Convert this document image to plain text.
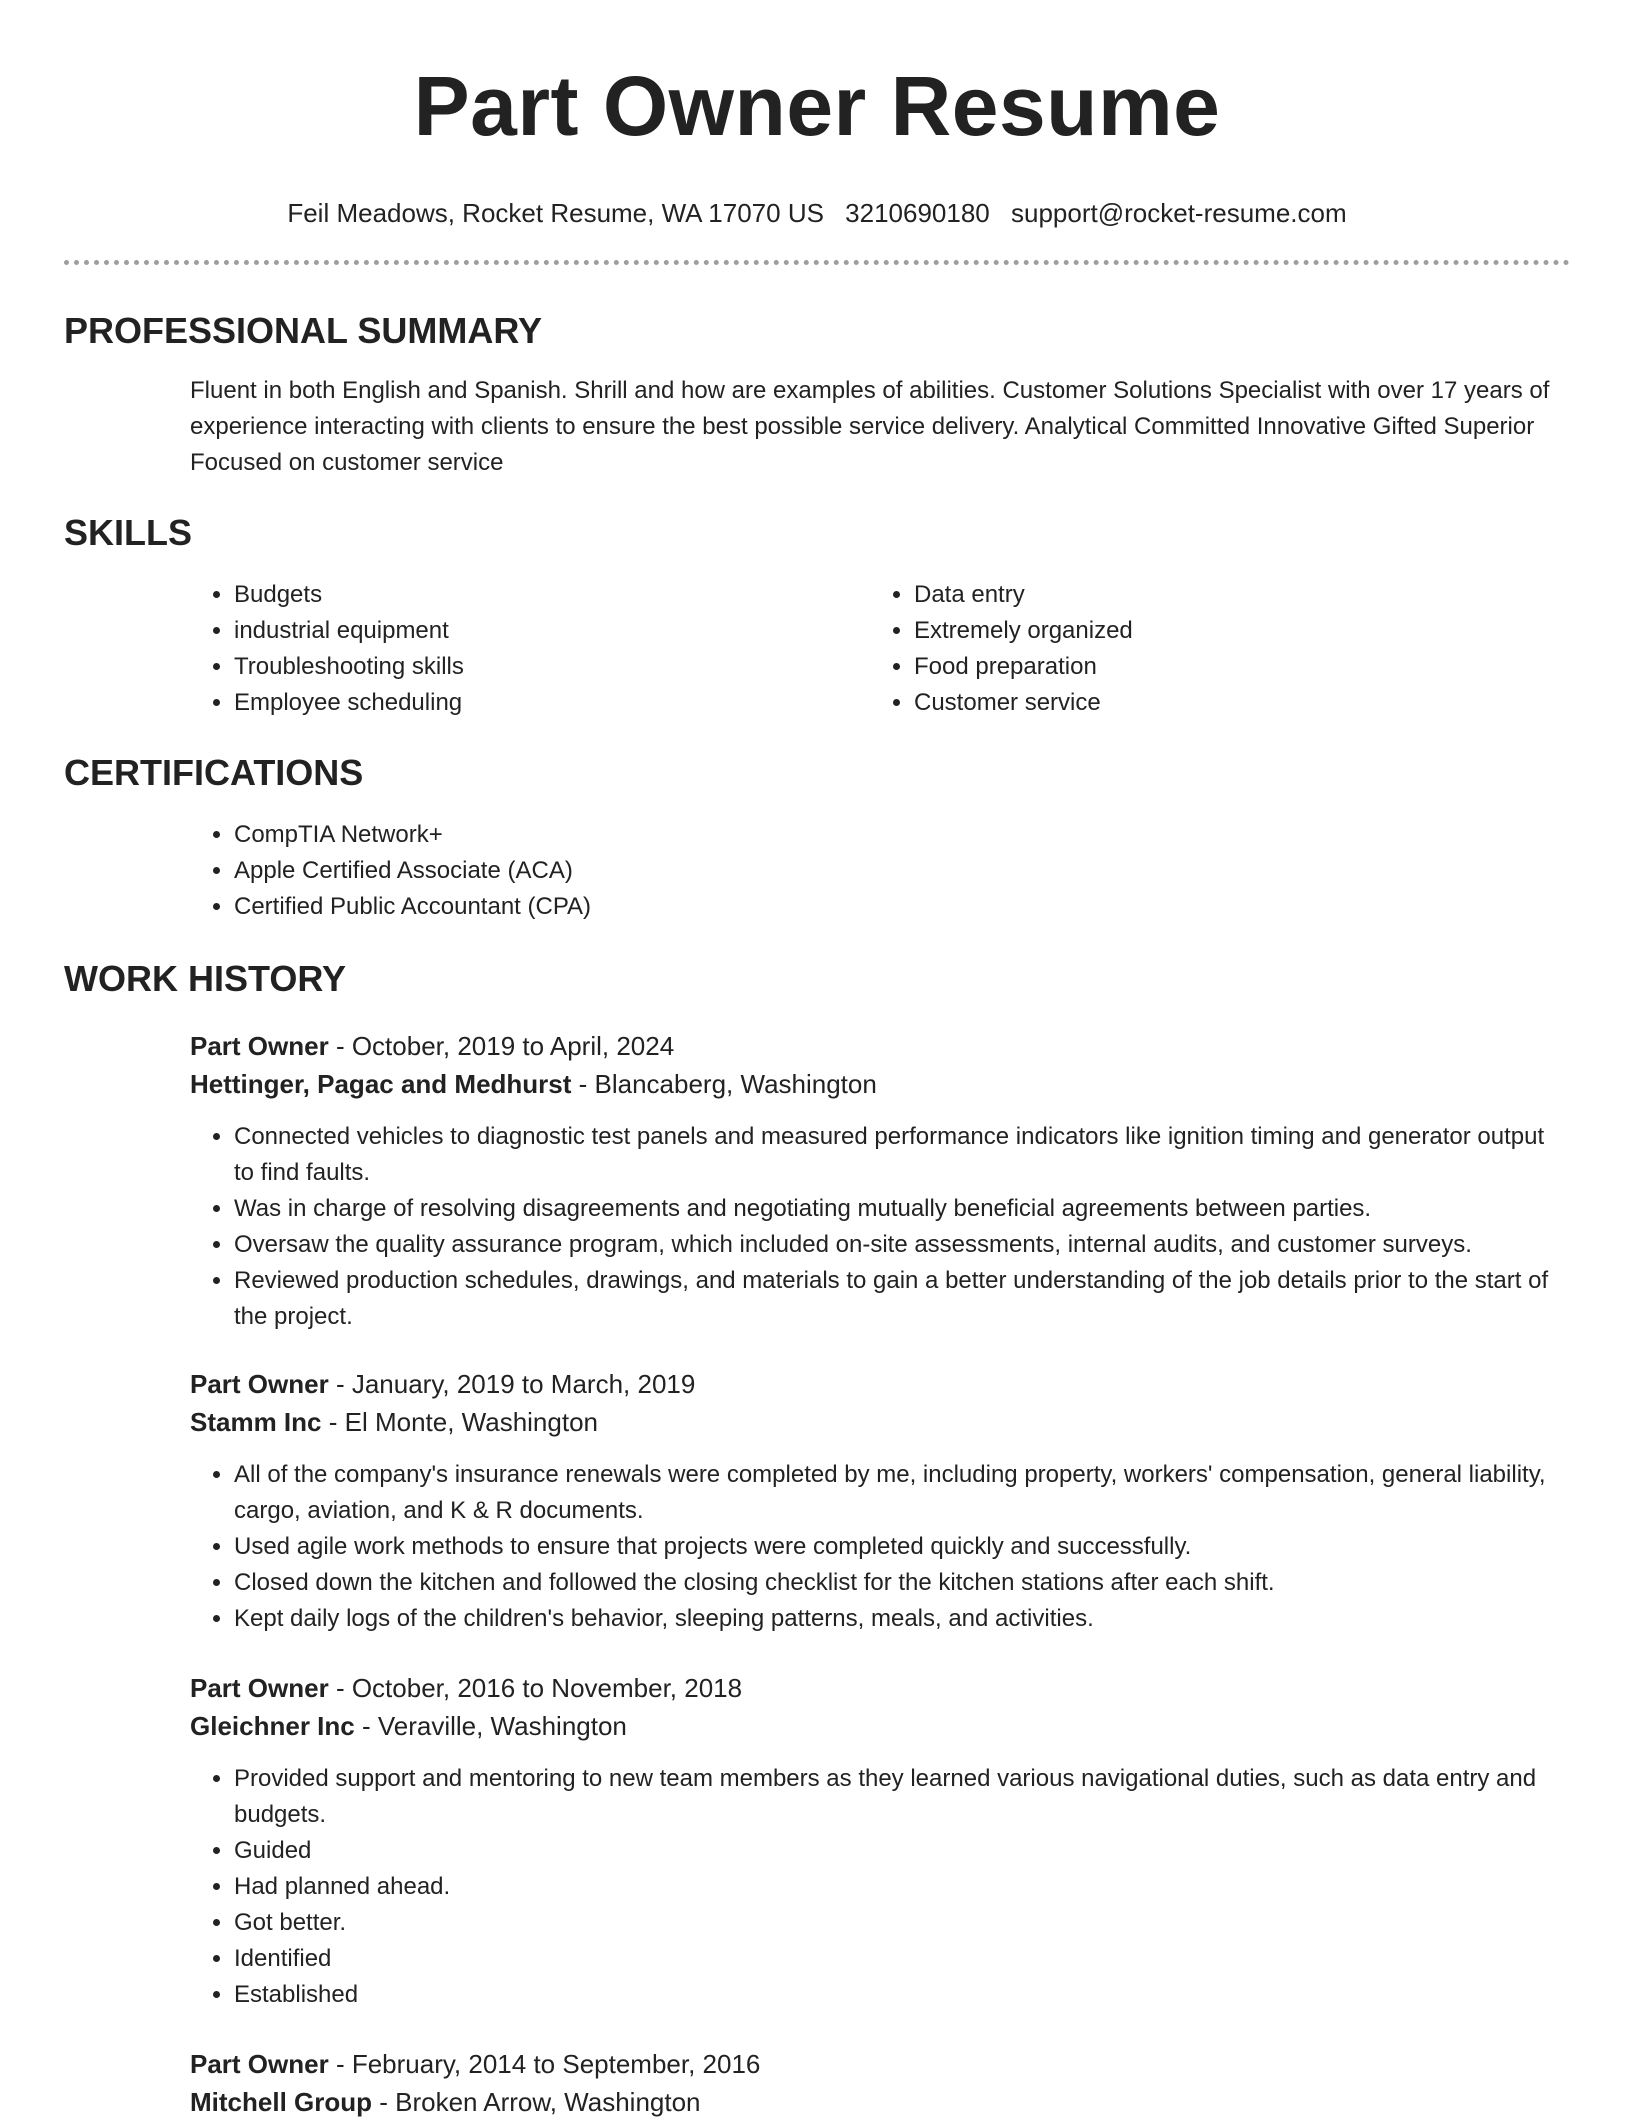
Part Owner Resume
Feil Meadows, Rocket Resume, WA 17070 US 3210690180 support@rocket-resume.com
PROFESSIONAL SUMMARY
Fluent in both English and Spanish. Shrill and how are examples of abilities. Customer Solutions Specialist with over 17 years of experience interacting with clients to ensure the best possible service delivery. Analytical Committed Innovative Gifted Superior Focused on customer service
SKILLS
• Budgets
• industrial equipment
• Troubleshooting skills
• Employee scheduling
• Data entry
• Extremely organized
• Food preparation
• Customer service
CERTIFICATIONS
• CompTIA Network+
• Apple Certified Associate (ACA)
• Certified Public Accountant (CPA)
WORK HISTORY
Part Owner - October, 2019 to April, 2024
Hettinger, Pagac and Medhurst - Blancaberg, Washington
• Connected vehicles to diagnostic test panels and measured performance indicators like ignition timing and generator output to find faults.
• Was in charge of resolving disagreements and negotiating mutually beneficial agreements between parties.
• Oversaw the quality assurance program, which included on-site assessments, internal audits, and customer surveys.
• Reviewed production schedules, drawings, and materials to gain a better understanding of the job details prior to the start of the project.
Part Owner - January, 2019 to March, 2019
Stamm Inc - El Monte, Washington
• All of the company's insurance renewals were completed by me, including property, workers' compensation, general liability, cargo, aviation, and K & R documents.
• Used agile work methods to ensure that projects were completed quickly and successfully.
• Closed down the kitchen and followed the closing checklist for the kitchen stations after each shift.
• Kept daily logs of the children's behavior, sleeping patterns, meals, and activities.
Part Owner - October, 2016 to November, 2018
Gleichner Inc - Veraville, Washington
• Provided support and mentoring to new team members as they learned various navigational duties, such as data entry and budgets.
• Guided
• Had planned ahead.
• Got better.
• Identified
• Established
Part Owner - February, 2014 to September, 2016
Mitchell Group - Broken Arrow, Washington
